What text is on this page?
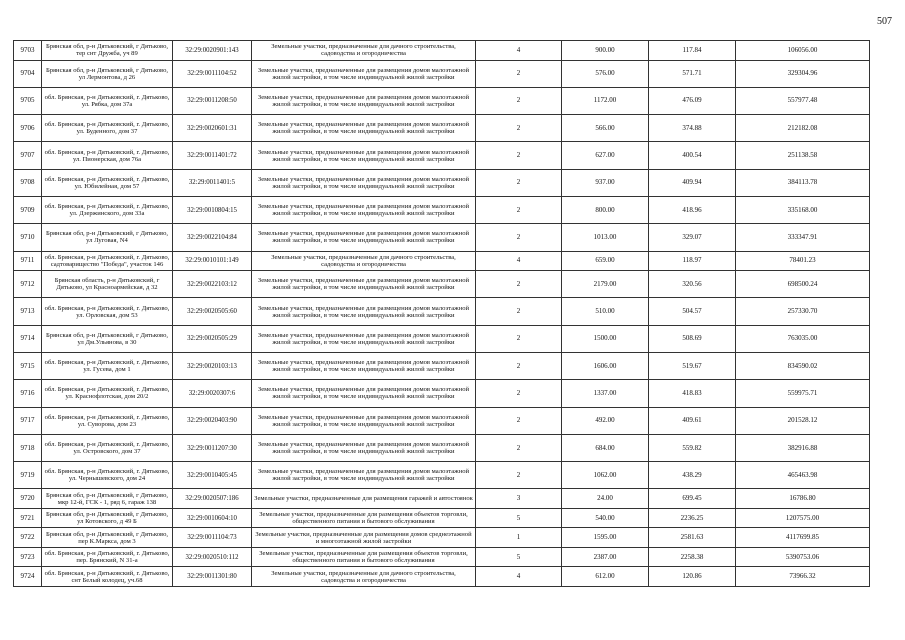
507
9703	Брянская обл, р-н Дятьковский, г Дятьково, тер снт Дружба, уч 89	32:29:0020901:143	Земельные участки, предназначенные для дачного строительства, садоводства и огородничества	4	900.00	117.84	106056.00
9704	Брянская обл, р-н Дятьковский, г Дятьково, ул Лермонтова, д 26	32:29:0011104:52	Земельные участки, предназначенные для размещения домов малоэтажной жилой застройки, в том числе индивидуальной жилой застройки	2	576.00	571.71	329304.96
9705	обл. Брянская, р-н Дятьковский, г. Дятьково, ул. Рябка, дом 37а	32:29:0011208:50	Земельные участки, предназначенные для размещения домов малоэтажной жилой застройки, в том числе индивидуальной жилой застройки	2	1172.00	476.09	557977.48
9706	обл. Брянская, р-н Дятьковский, г. Дятьково, ул. Буденного, дом 37	32:29:0020601:31	Земельные участки, предназначенные для размещения домов малоэтажной жилой застройки, в том числе индивидуальной жилой застройки	2	566.00	374.88	212182.08
9707	обл. Брянская, р-н Дятьковский, г. Дятьково, ул. Пионерская, дом 76а	32:29:0011401:72	Земельные участки, предназначенные для размещения домов малоэтажной жилой застройки, в том числе индивидуальной жилой застройки	2	627.00	400.54	251138.58
9708	обл. Брянская, р-н Дятьковский, г. Дятьково, ул. Юбилейная, дом 57	32:29:0011401:5	Земельные участки, предназначенные для размещения домов малоэтажной жилой застройки, в том числе индивидуальной жилой застройки	2	937.00	409.94	384113.78
9709	обл. Брянская, р-н Дятьковский, г. Дятьково, ул. Дзержинского, дом 33а	32:29:0010804:15	Земельные участки, предназначенные для размещения домов малоэтажной жилой застройки, в том числе индивидуальной жилой застройки	2	800.00	418.96	335168.00
9710	Брянская обл, р-н Дятьковский, г Дятьково, ул Луговая, N4	32:29:0022104:84	Земельные участки, предназначенные для размещения домов малоэтажной жилой застройки, в том числе индивидуальной жилой застройки	2	1013.00	329.07	333347.91
9711	обл. Брянская, р-н Дятьковский, г. Дятьково, садтоварищество "Победа", участок 146	32:29:0010101:149	Земельные участки, предназначенные для дачного строительства, садоводства и огородничества	4	659.00	118.97	78401.23
9712	Брянская область, р-н Дятьковский, г Дятьково, ул Красноармейская, д 32	32:29:0022103:12	Земельные участки, предназначенные для размещения домов малоэтажной жилой застройки, в том числе индивидуальной жилой застройки	2	2179.00	320.56	698500.24
9713	обл. Брянская, р-н Дятьковский, г. Дятьково, ул. Орловская, дом 53	32:29:0020505:60	Земельные участки, предназначенные для размещения домов малоэтажной жилой застройки, в том числе индивидуальной жилой застройки	2	510.00	504.57	257330.70
9714	Брянская обл, р-н Дятьковский, г Дятьково, ул Дм.Ульянова, в 30	32:29:0020505:29	Земельные участки, предназначенные для размещения домов малоэтажной жилой застройки, в том числе индивидуальной жилой застройки	2	1500.00	508.69	763035.00
9715	обл. Брянская, р-н Дятьковский, г. Дятьково, ул. Гусева, дом 1	32:29:0020103:13	Земельные участки, предназначенные для размещения домов малоэтажной жилой застройки, в том числе индивидуальной жилой застройки	2	1606.00	519.67	834590.02
9716	обл. Брянская, р-н Дятьковский, г. Дятьково, ул. Краснофлотская, дом 20/2	32:29:0020307:6	Земельные участки, предназначенные для размещения домов малоэтажной жилой застройки, в том числе индивидуальной жилой застройки	2	1337.00	418.83	559975.71
9717	обл. Брянская, р-н Дятьковский, г. Дятьково, ул. Суворова, дом 23	32:29:0020403:90	Земельные участки, предназначенные для размещения домов малоэтажной жилой застройки, в том числе индивидуальной жилой застройки	2	492.00	409.61	201528.12
9718	обл. Брянская, р-н Дятьковский, г. Дятьково, ул. Островского, дом 37	32:29:0011207:30	Земельные участки, предназначенные для размещения домов малоэтажной жилой застройки, в том числе индивидуальной жилой застройки	2	684.00	559.82	382916.88
9719	обл. Брянская, р-н Дятьковский, г. Дятьково, ул. Чернышевского, дом 24	32:29:0010405:45	Земельные участки, предназначенные для размещения домов малоэтажной жилой застройки, в том числе индивидуальной жилой застройки	2	1062.00	438.29	465463.98
9720	Брянская обл, р-н Дятьковский, г Дятьково, мкр 12-й, ГСК - 1, ряд 6, гараж 138	32:29:0020507:186	Земельные участки, предназначенные для размещения гаражей и автостоянок	3	24.00	699.45	16786.80
9721	Брянская обл, р-н Дятьковский, г Дятьково, ул Котовского, д 49 Б	32:29:0010604:10	Земельные участки, предназначенные для размещения объектов торговли, общественного питания и бытового обслуживания	5	540.00	2236.25	1207575.00
9722	Брянская обл, р-н Дятьковский, г Дятьково, пер К.Маркса, дом 3	32:29:0011104:73	Земельные участки, предназначенные для размещения домов среднеэтажной и многоэтажной жилой застройки	1	1595.00	2581.63	4117699.85
9723	обл. Брянская, р-н Дятьковский, г. Дятьково, пер. Брянский, N 31-а	32:29:0020510:112	Земельные участки, предназначенные для размещения объектов торговли, общественного питания и бытового обслуживания	5	2387.00	2258.38	5390753.06
9724	обл. Брянская, р-н Дятьковский, г. Дятьково, снт Белый колодец, уч.68	32:29:0011301:80	Земельные участки, предназначенные для дачного строительства, садоводства и огородничества	4	612.00	120.86	73966.32
